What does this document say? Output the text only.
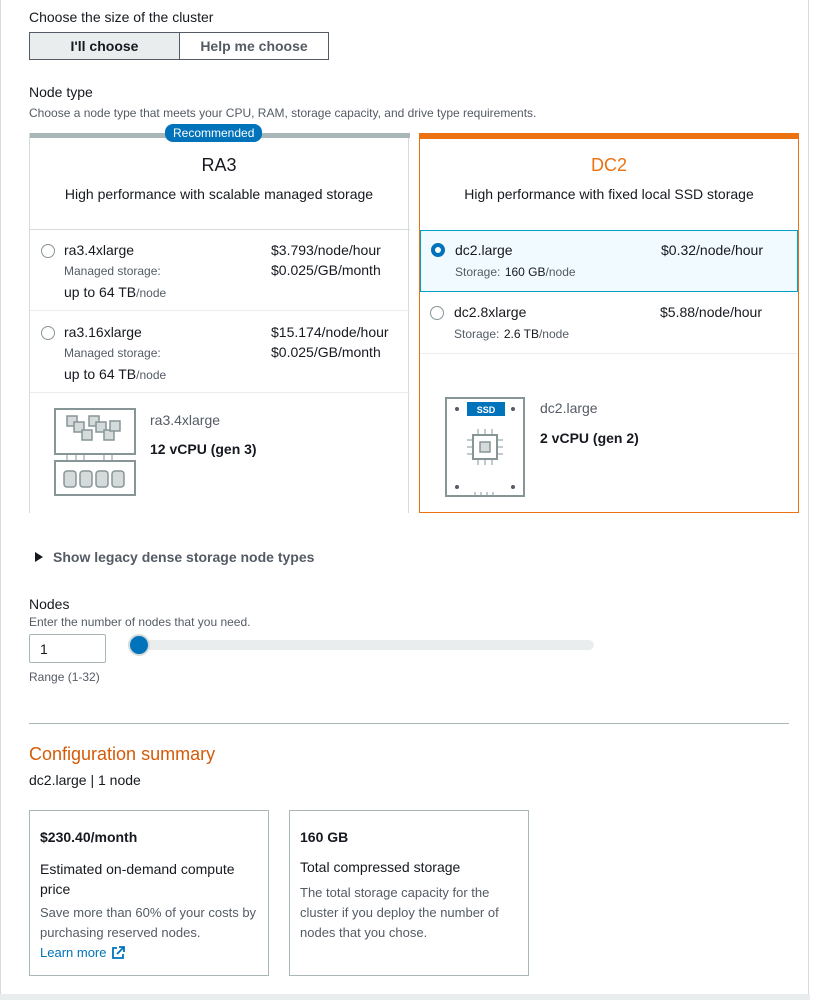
Choose the size of the cluster
I'll choose	Help me choose
Node type
Choose a node type that meets your CPU, RAM, storage capacity, and drive type requirements.
RA3
High performance with scalable managed storage
ra3.4xlarge
Managed storage:
up to 64 TB/node
$3.793/node/hour
$0.025/GB/month
ra3.16xlarge
Managed storage:
up to 64 TB/node
$15.174/node/hour
$0.025/GB/month
ra3.4xlarge
12 vCPU (gen 3)
Recommended
DC2
High performance with fixed local SSD storage
dc2.large
Storage: 160 GB/node
$0.32/node/hour
dc2.8xlarge
Storage: 2.6 TB/node
$5.88/node/hour
SSD	dc2.large
2 vCPU (gen 2)
Show legacy dense storage node types
Nodes
Enter the number of nodes that you need.
1
Range (1-32)
Configuration summary
dc2.large | 1 node
$230.40/month
Estimated on-demand compute price
Save more than 60% of your costs by purchasing reserved nodes.
Learn more
160 GB
Total compressed storage
The total storage capacity for the cluster if you deploy the number of nodes that you chose.
